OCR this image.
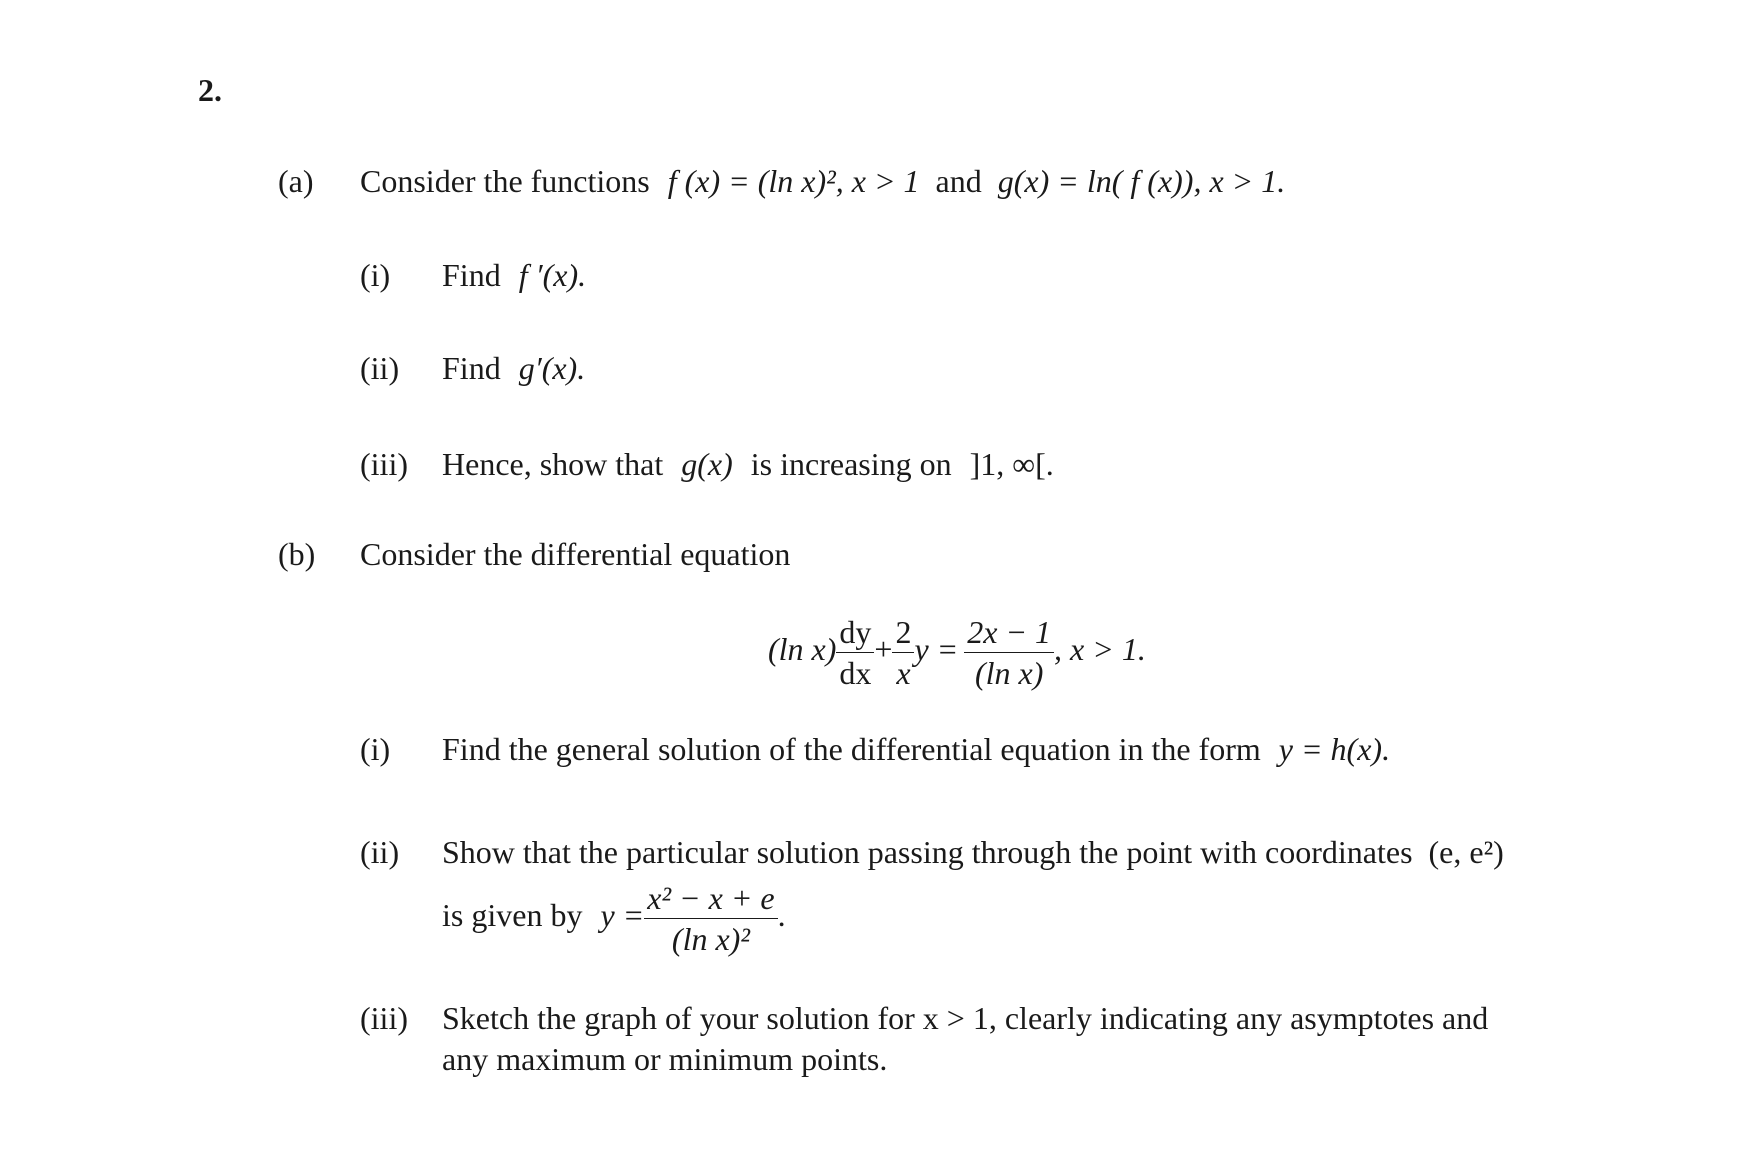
2.
(a) Consider the functions f (x) = (ln x)², x > 1 and g(x) = ln( f (x)), x > 1.
(i) Find f ′(x).
(ii) Find g′(x).
(iii) Hence, show that g(x) is increasing on ]1, ∞[.
(b) Consider the differential equation
(ln $x) \frac{dy}{dx} + \frac{2}{x}$ $y = \frac{2x - 1}{\text{(ln x)}}$ , x > 1.
(i) Find the general solution of the differential equation in the form y = h(x).
(ii) Show that the particular solution passing through the point with coordinates (e, e²)
is given by $y = \frac{\text{x² − x + e}}{\text{(ln x)²}}$ .
(iii) Sketch the graph of your solution for x > 1, clearly indicating any asymptotes and
any maximum or minimum points.
